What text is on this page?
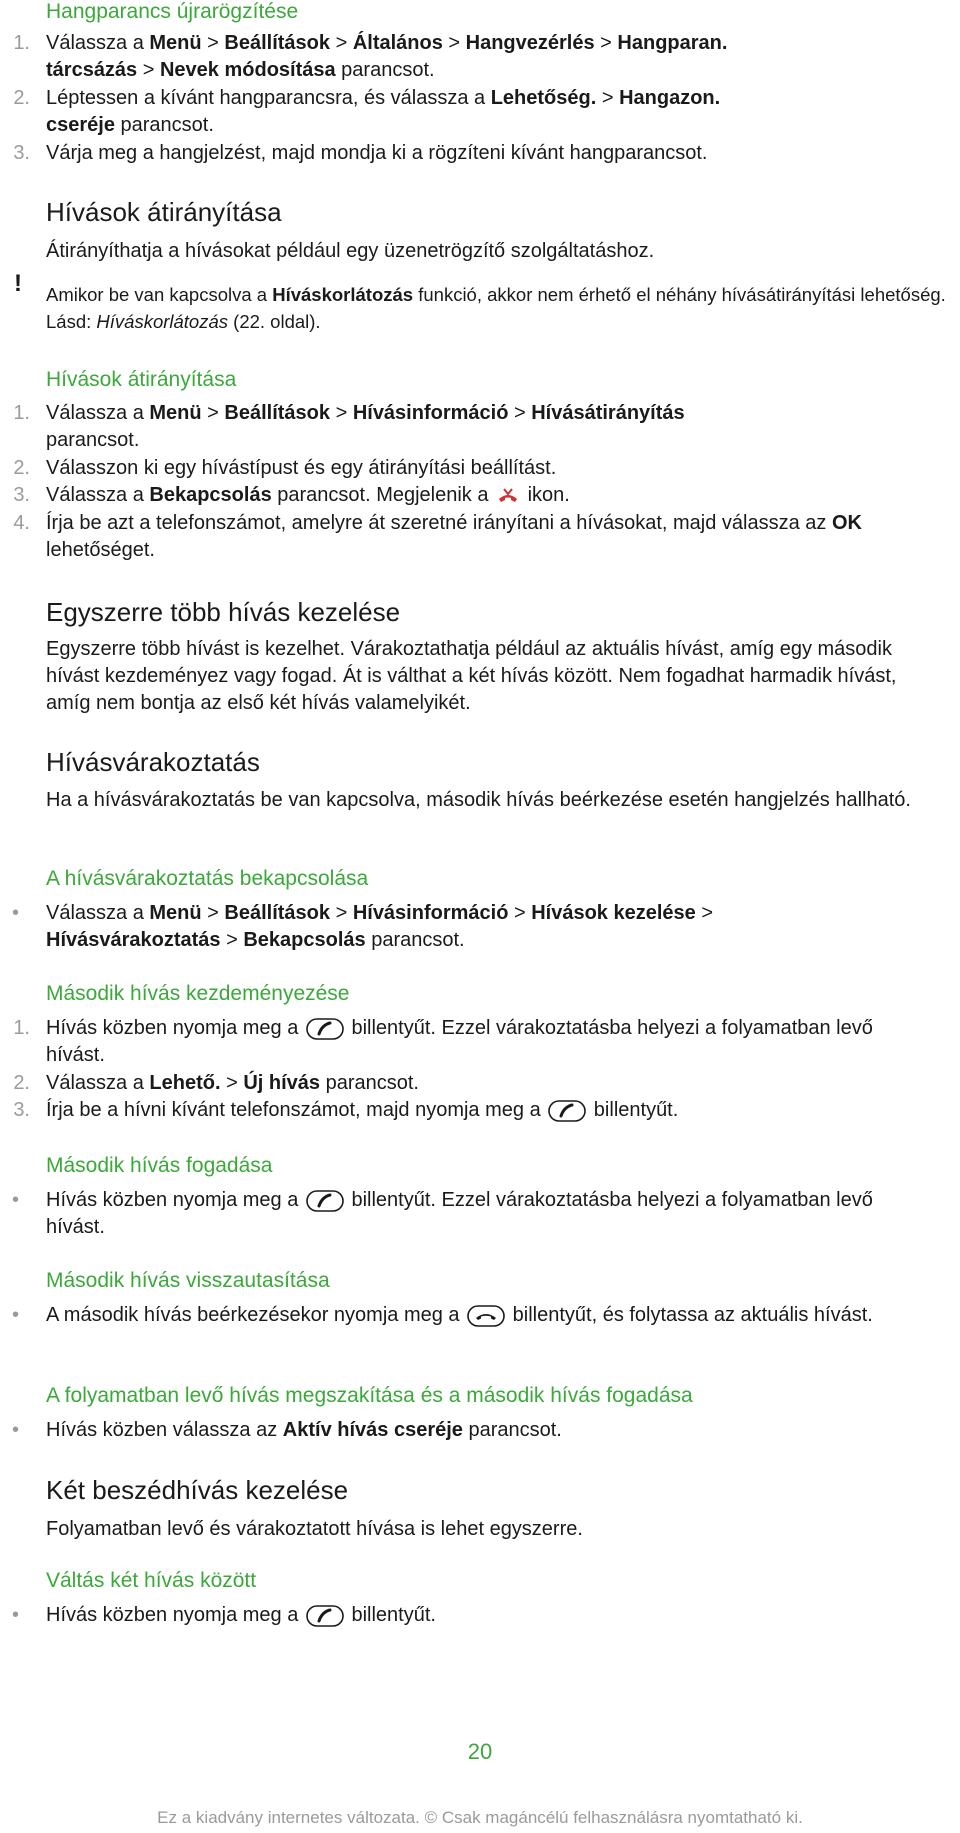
Hangparancs újrarögzítése
1. Válassza a Menü > Beállítások > Általános > Hangvezérlés > Hangparan.
tárcsázás > Nevek módosítása parancsot.
2. Léptessen a kívánt hangparancsra, és válassza a Lehetőség. > Hangazon.
cseréje parancsot.
3. Várja meg a hangjelzést, majd mondja ki a rögzíteni kívánt hangparancsot.
Hívások átirányítása

Átirányíthatja a hívásokat például egy üzenetrögzítő szolgáltatáshoz.

! Amikor be van kapcsolva a Híváskorlátozás funkció, akkor nem érhető el néhány hívásátirányítási lehetőség. Lásd: Híváskorlátozás (22. oldal).
Hívások átirányítása
1. Válassza a Menü > Beállítások > Hívásinformáció > Hívásátirányítás
parancsot.
2. Válasszon ki egy hívástípust és egy átirányítási beállítást.
3. Válassza a Bekapcsolás parancsot. Megjelenik a
ikon.
4. Írja be azt a telefonszámot, amelyre át szeretné irányítani a hívásokat, majd válassza az OK lehetőséget.
Egyszerre több hívás kezelése

Egyszerre több hívást is kezelhet. Várakoztathatja például az aktuális hívást, amíg egy második hívást kezdeményez vagy fogad. Át is válthat a két hívás között. Nem fogadhat harmadik hívást, amíg nem bontja az első két hívás valamelyikét.

Hívásvárakoztatás

Ha a hívásvárakoztatás be van kapcsolva, második hívás beérkezése esetén hangjelzés hallható.

A hívásvárakoztatás bekapcsolása
• Válassza a Menü > Beállítások > Hívásinformáció > Hívások kezelése >
Hívásvárakoztatás > Bekapcsolás parancsot.
Második hívás kezdeményezése
1. Hívás közben nyomja meg a
billentyűt. Ezzel várakoztatásba helyezi a folyamatban levő hívást.
2. Válassza a Lehető. > Új hívás parancsot.
3. Írja be a hívni kívánt telefonszámot, majd nyomja meg a
billentyűt.
Második hívás fogadása
• Hívás közben nyomja meg a
billentyűt. Ezzel várakoztatásba helyezi a folyamatban levő hívást.
Második hívás visszautasítása
• A második hívás beérkezésekor nyomja meg a
billentyűt, és folytassa az aktuális hívást.
A folyamatban levő hívás megszakítása és a második hívás fogadása
• Hívás közben válassza az Aktív hívás cseréje parancsot.
Két beszédhívás kezelése

Folyamatban levő és várakoztatott hívása is lehet egyszerre.

Váltás két hívás között
• Hívás közben nyomja meg a
billentyűt.
20
Ez a kiadvány internetes változata. © Csak magáncélú felhasználásra nyomtatható ki.
